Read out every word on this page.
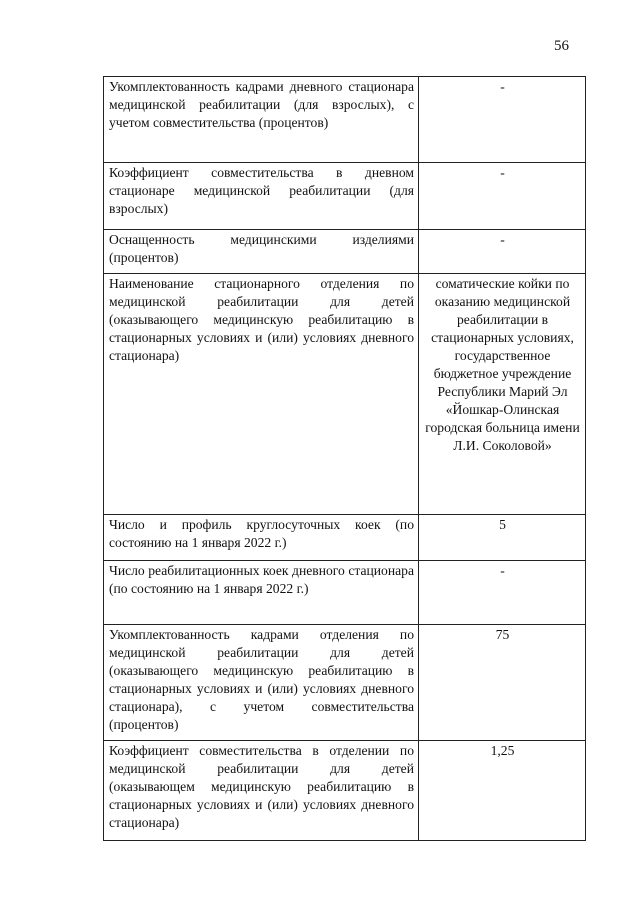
56
Укомплектованность кадрами дневного стационара медицинской реабилитации (для взрослых), с учетом совместительства (процентов)	-
Коэффициент совместительства в дневном стационаре медицинской реабилитации (для взрослых)	-
Оснащенность медицинскими изделиями (процентов)	-
Наименование стационарного отделения по медицинской реабилитации для детей (оказывающего медицинскую реабилитацию в стационарных условиях и (или) условиях дневного стационара)	соматические койки по оказанию медицинской реабилитации в стационарных условиях, государственное бюджетное учреждение Республики Марий Эл «Йошкар-Олинская городская больница имени Л.И. Соколовой»
Число и профиль круглосуточных коек (по состоянию на 1 января 2022 г.)	5
Число реабилитационных коек дневного стационара (по состоянию на 1 января 2022 г.)	-
Укомплектованность кадрами отделения по медицинской реабилитации для детей (оказывающего медицинскую реабилитацию в стационарных условиях и (или) условиях дневного стационара), с учетом совместительства (процентов)	75
Коэффициент совместительства в отделении по медицинской реабилитации для детей (оказывающем медицинскую реабилитацию в стационарных условиях и (или) условиях дневного стационара)	1,25
